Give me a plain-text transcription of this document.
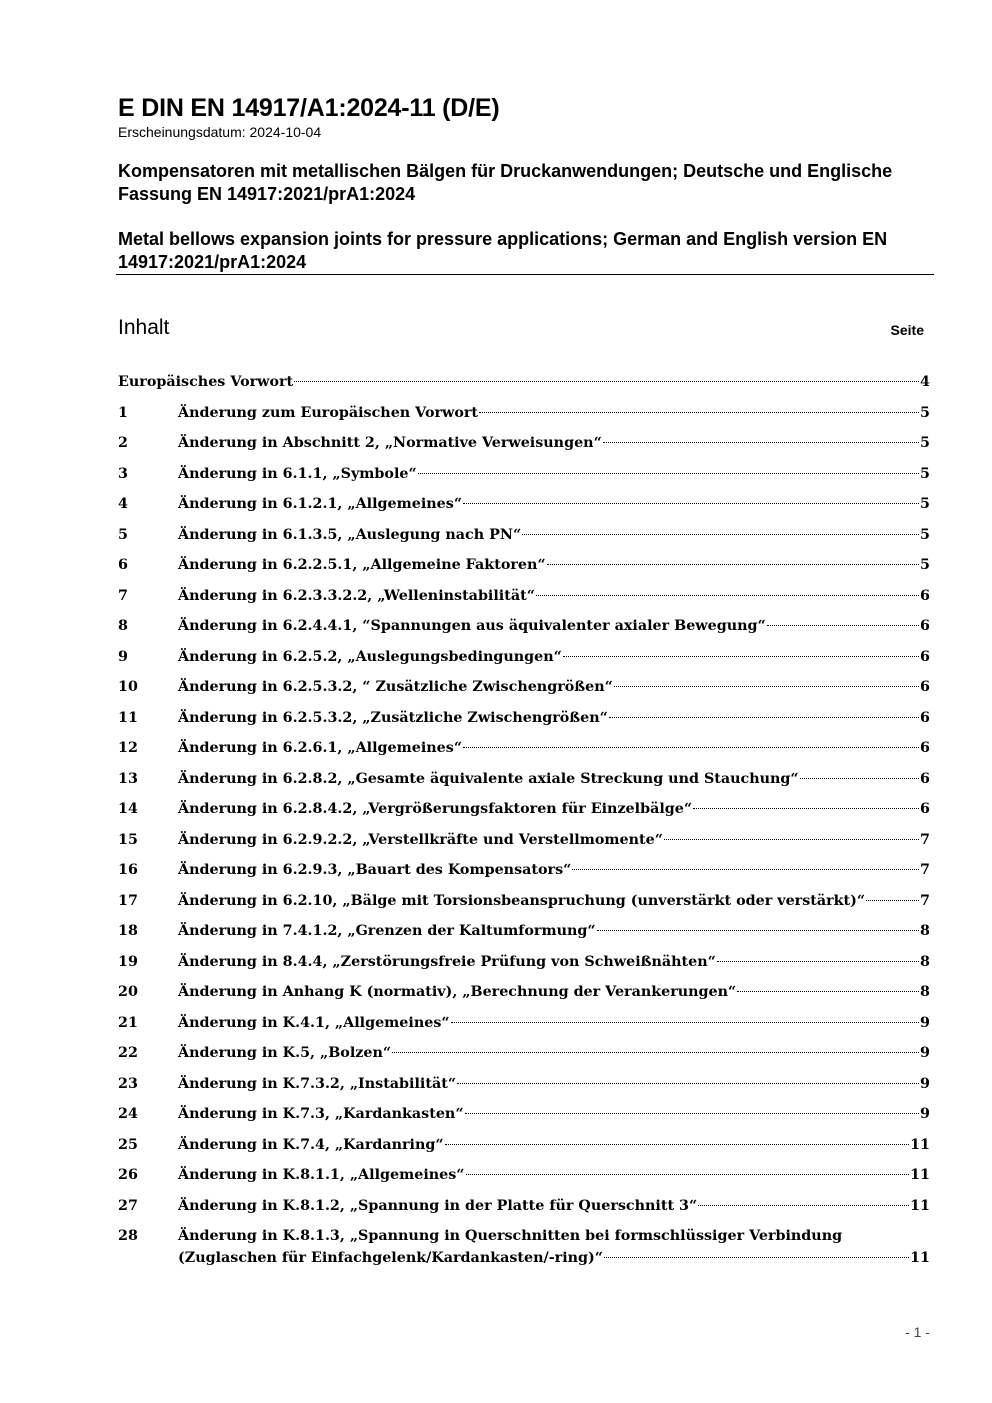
E DIN EN 14917/A1:2024-11 (D/E)
Erscheinungsdatum: 2024-10-04
Kompensatoren mit metallischen Bälgen für Druckanwendungen; Deutsche und Englische Fassung EN 14917:2021/prA1:2024
Metal bellows expansion joints for pressure applications; German and English version EN 14917:2021/prA1:2024
Inhalt	Seite
Europäisches Vorwort	4
1	Änderung zum Europäischen Vorwort	5
2	Änderung in Abschnitt 2, „Normative Verweisungen“	5
3	Änderung in 6.1.1, „Symbole“	5
4	Änderung in 6.1.2.1, „Allgemeines“	5
5	Änderung in 6.1.3.5, „Auslegung nach PN“	5
6	Änderung in 6.2.2.5.1, „Allgemeine Faktoren“	5
7	Änderung in 6.2.3.3.2.2, „Welleninstabilität“	6
8	Änderung in 6.2.4.4.1, “Spannungen aus äquivalenter axialer Bewegung“	6
9	Änderung in 6.2.5.2, „Auslegungsbedingungen“	6
10	Änderung in 6.2.5.3.2, “ Zusätzliche Zwischengrößen“	6
11	Änderung in 6.2.5.3.2, „Zusätzliche Zwischengrößen“	6
12	Änderung in 6.2.6.1, „Allgemeines“	6
13	Änderung in 6.2.8.2, „Gesamte äquivalente axiale Streckung und Stauchung“	6
14	Änderung in 6.2.8.4.2, „Vergrößerungsfaktoren für Einzelbälge“	6
15	Änderung in 6.2.9.2.2, „Verstellkräfte und Verstellmomente“	7
16	Änderung in 6.2.9.3, „Bauart des Kompensators“	7
17	Änderung in 6.2.10, „Bälge mit Torsionsbeanspruchung (unverstärkt oder verstärkt)“	7
18	Änderung in 7.4.1.2, „Grenzen der Kaltumformung“	8
19	Änderung in 8.4.4, „Zerstörungsfreie Prüfung von Schweißnähten“	8
20	Änderung in Anhang K (normativ), „Berechnung der Verankerungen“	8
21	Änderung in K.4.1, „Allgemeines“	9
22	Änderung in K.5, „Bolzen“	9
23	Änderung in K.7.3.2, „Instabilität“	9
24	Änderung in K.7.3, „Kardankasten“	9
25	Änderung in K.7.4, „Kardanring“	11
26	Änderung in K.8.1.1, „Allgemeines“	11
27	Änderung in K.8.1.2, „Spannung in der Platte für Querschnitt 3“	11
28	Änderung in K.8.1.3, „Spannung in Querschnitten bei formschlüssiger Verbindung
(Zuglaschen für Einfachgelenk/Kardankasten/-ring)“	11
- 1 -
